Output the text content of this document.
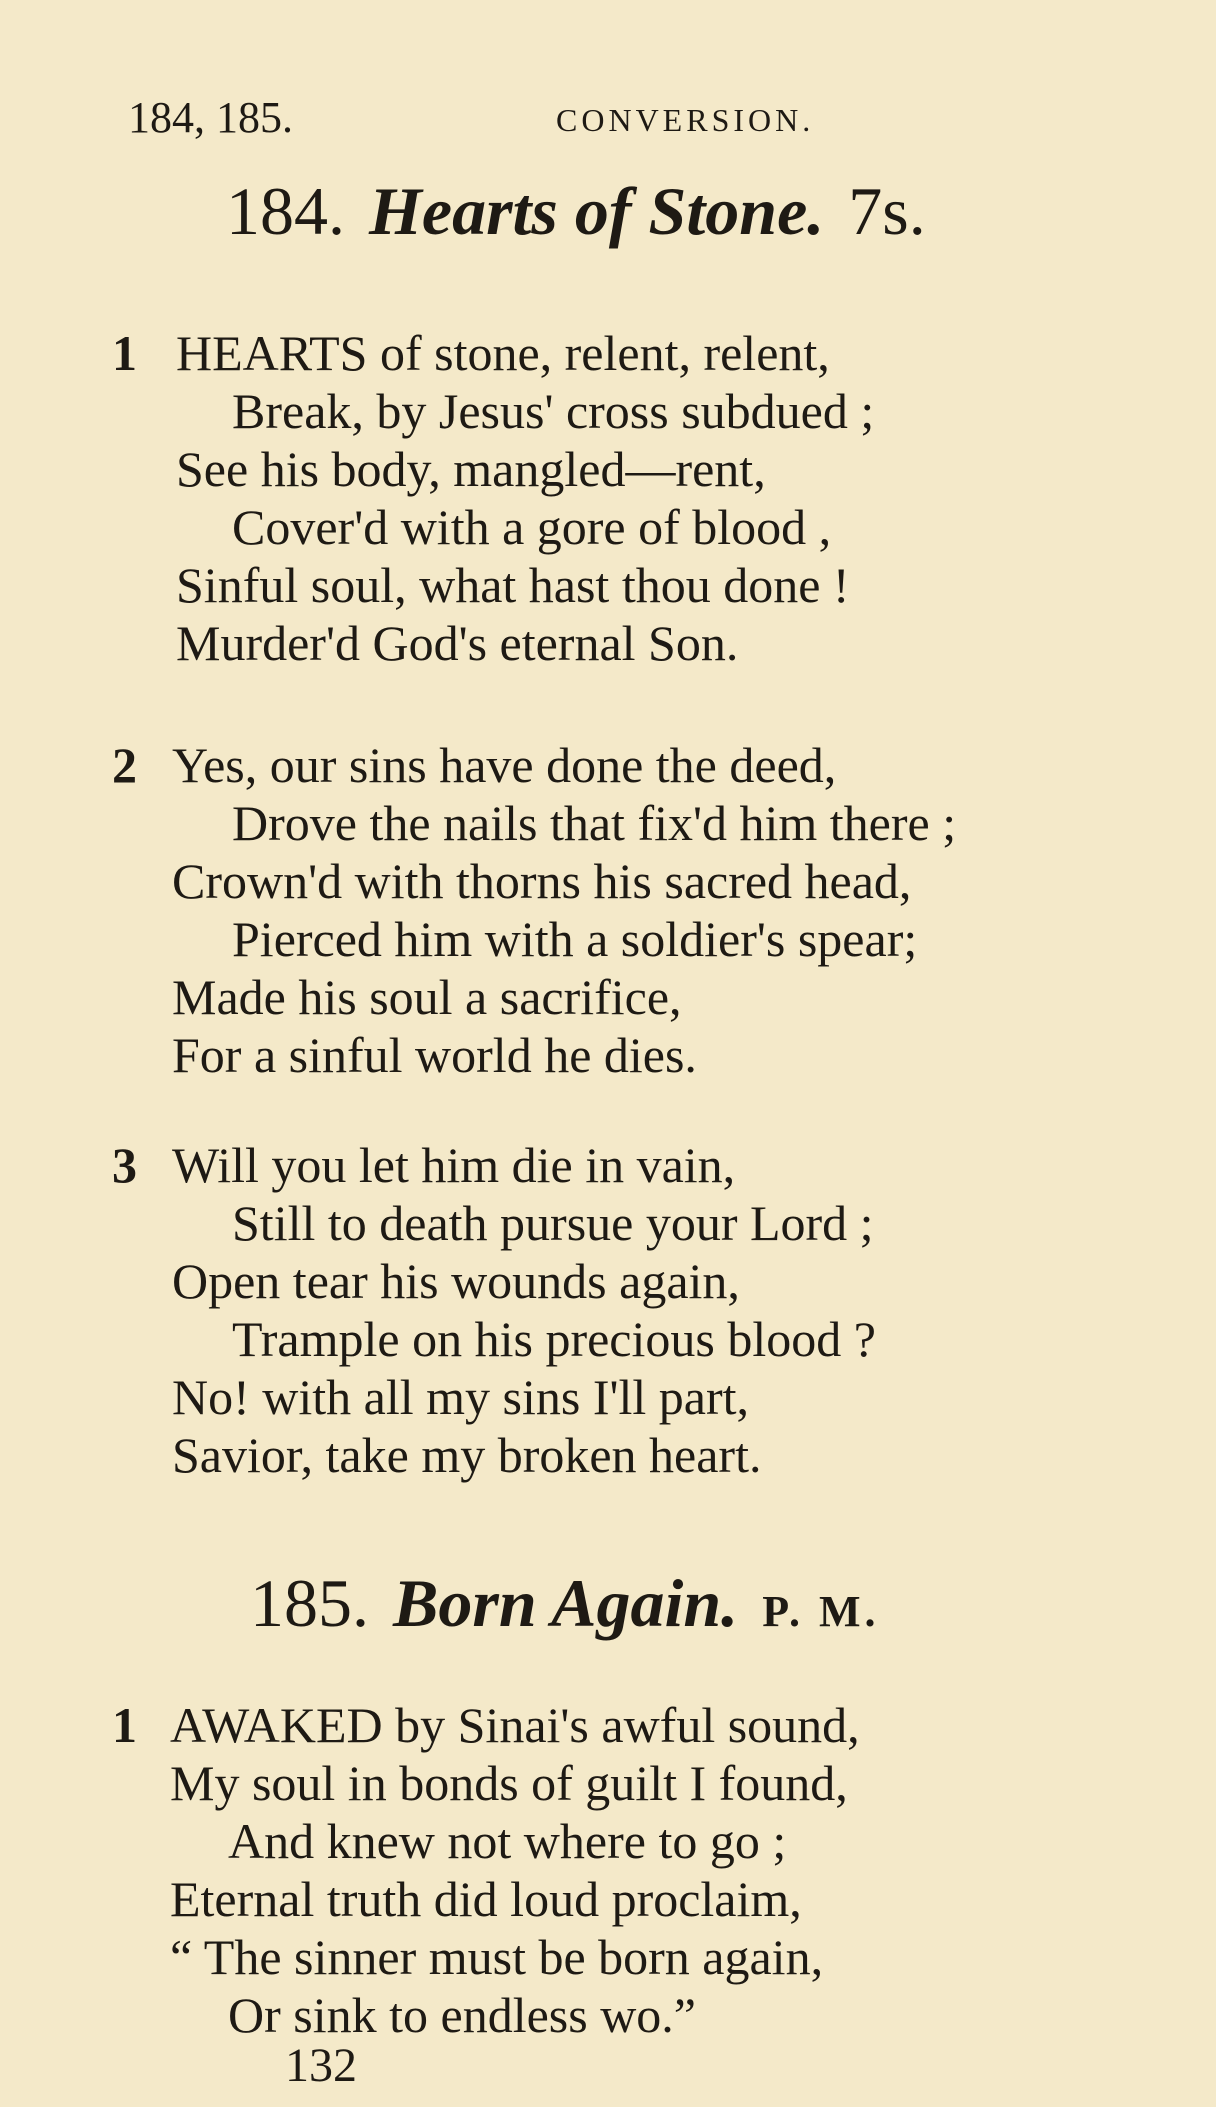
184, 185.	CONVERSION.
184. Hearts of Stone. 7s.
1 HEARTS of stone, relent, relent,
Break, by Jesus' cross subdued ;
See his body, mangled—rent,
Cover'd with a gore of blood ,
Sinful soul, what hast thou done !
Murder'd God's eternal Son.
2 Yes, our sins have done the deed,
Drove the nails that fix'd him there ;
Crown'd with thorns his sacred head,
Pierced him with a soldier's spear;
Made his soul a sacrifice,
For a sinful world he dies.
3 Will you let him die in vain,
Still to death pursue your Lord ;
Open tear his wounds again,
Trample on his precious blood ?
No! with all my sins I'll part,
Savior, take my broken heart.
185. Born Again. P. M.
1 AWAKED by Sinai's awful sound,
My soul in bonds of guilt I found,
And knew not where to go ;
Eternal truth did loud proclaim,
“ The sinner must be born again,
Or sink to endless wo.”
132
